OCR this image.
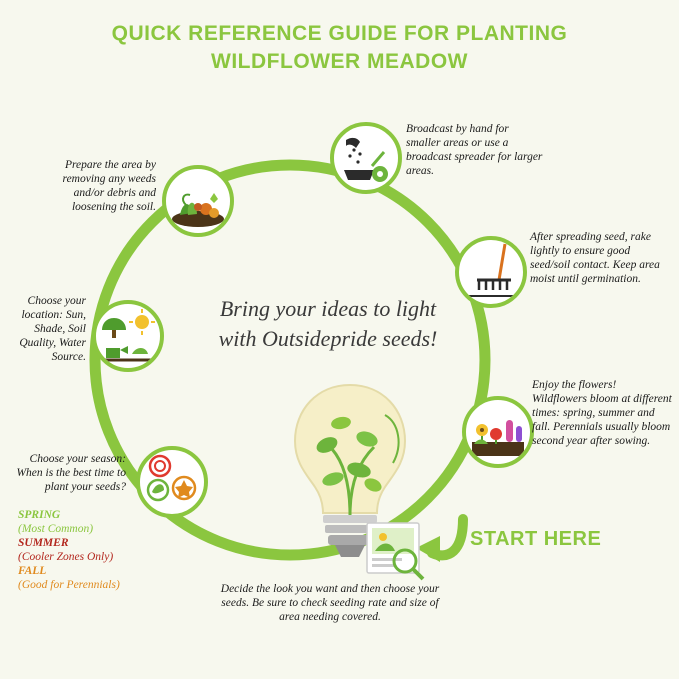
QUICK REFERENCE GUIDE FOR PLANTING
WILDFLOWER MEADOW
Prepare the area by removing any weeds and/or debris and loosening the soil.
Broadcast by hand for smaller areas or use a broadcast spreader for larger areas.
After spreading seed, rake lightly to ensure good seed/soil contact. Keep area moist until germination.
Enjoy the flowers! Wildflowers bloom at different times: spring, summer and fall. Perennials usually bloom second year after sowing.
Choose your season: When is the best time to plant your seeds?
SPRING
(Most Common)
SUMMER
(Cooler Zones Only)
FALL
(Good for Perennials)
Choose your location: Sun, Shade, Soil Quality, Water Source.
Decide the look you want and then choose your seeds. Be sure to check seeding rate and size of area needing covered.
Bring your ideas to light
with Outsidepride seeds!
START HERE
